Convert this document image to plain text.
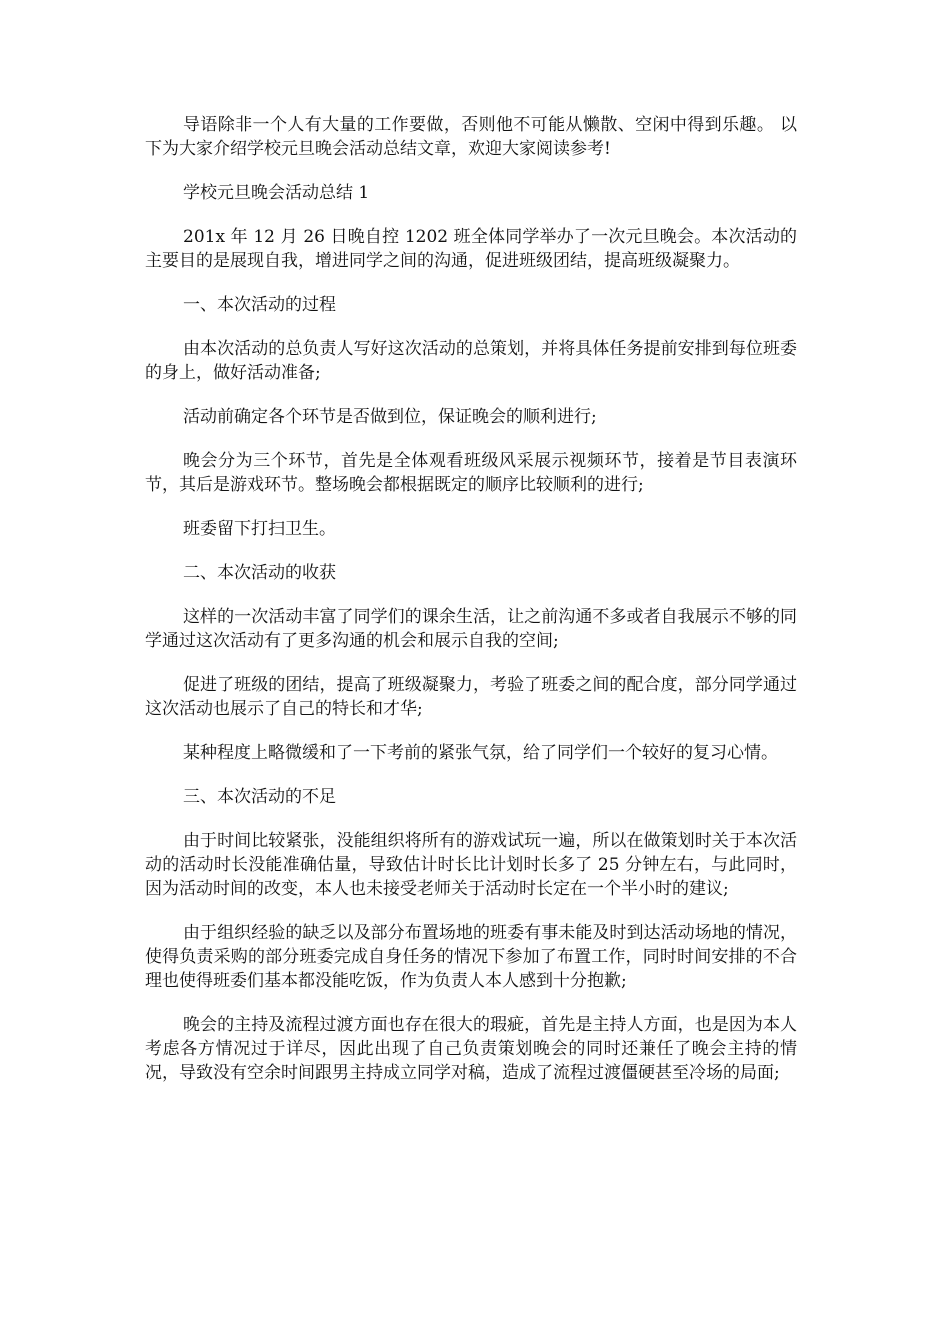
导语除非一个人有大量的工作要做，否则他不可能从懒散、空闲中得到乐趣。 以下为大家介绍学校元旦晚会活动总结文章，欢迎大家阅读参考!

学校元旦晚会活动总结 1

201x 年 12 月 26 日晚自控 1202 班全体同学举办了一次元旦晚会。本次活动的主要目的是展现自我，增进同学之间的沟通，促进班级团结，提高班级凝聚力。

一、本次活动的过程

由本次活动的总负责人写好这次活动的总策划，并将具体任务提前安排到每位班委的身上，做好活动准备;

活动前确定各个环节是否做到位，保证晚会的顺利进行;

晚会分为三个环节，首先是全体观看班级风采展示视频环节，接着是节目表演环节，其后是游戏环节。整场晚会都根据既定的顺序比较顺利的进行;

班委留下打扫卫生。

二、本次活动的收获

这样的一次活动丰富了同学们的课余生活，让之前沟通不多或者自我展示不够的同学通过这次活动有了更多沟通的机会和展示自我的空间;

促进了班级的团结，提高了班级凝聚力，考验了班委之间的配合度，部分同学通过这次活动也展示了自己的特长和才华;

某种程度上略微缓和了一下考前的紧张气氛，给了同学们一个较好的复习心情。

三、本次活动的不足

由于时间比较紧张，没能组织将所有的游戏试玩一遍，所以在做策划时关于本次活动的活动时长没能准确估量，导致估计时长比计划时长多了 25 分钟左右，与此同时，因为活动时间的改变，本人也未接受老师关于活动时长定在一个半小时的建议;

由于组织经验的缺乏以及部分布置场地的班委有事未能及时到达活动场地的情况，使得负责采购的部分班委完成自身任务的情况下参加了布置工作，同时时间安排的不合理也使得班委们基本都没能吃饭，作为负责人本人感到十分抱歉;

晚会的主持及流程过渡方面也存在很大的瑕疵，首先是主持人方面，也是因为本人考虑各方情况过于详尽，因此出现了自己负责策划晚会的同时还兼任了晚会主持的情况，导致没有空余时间跟男主持成立同学对稿，造成了流程过渡僵硬甚至冷场的局面;
